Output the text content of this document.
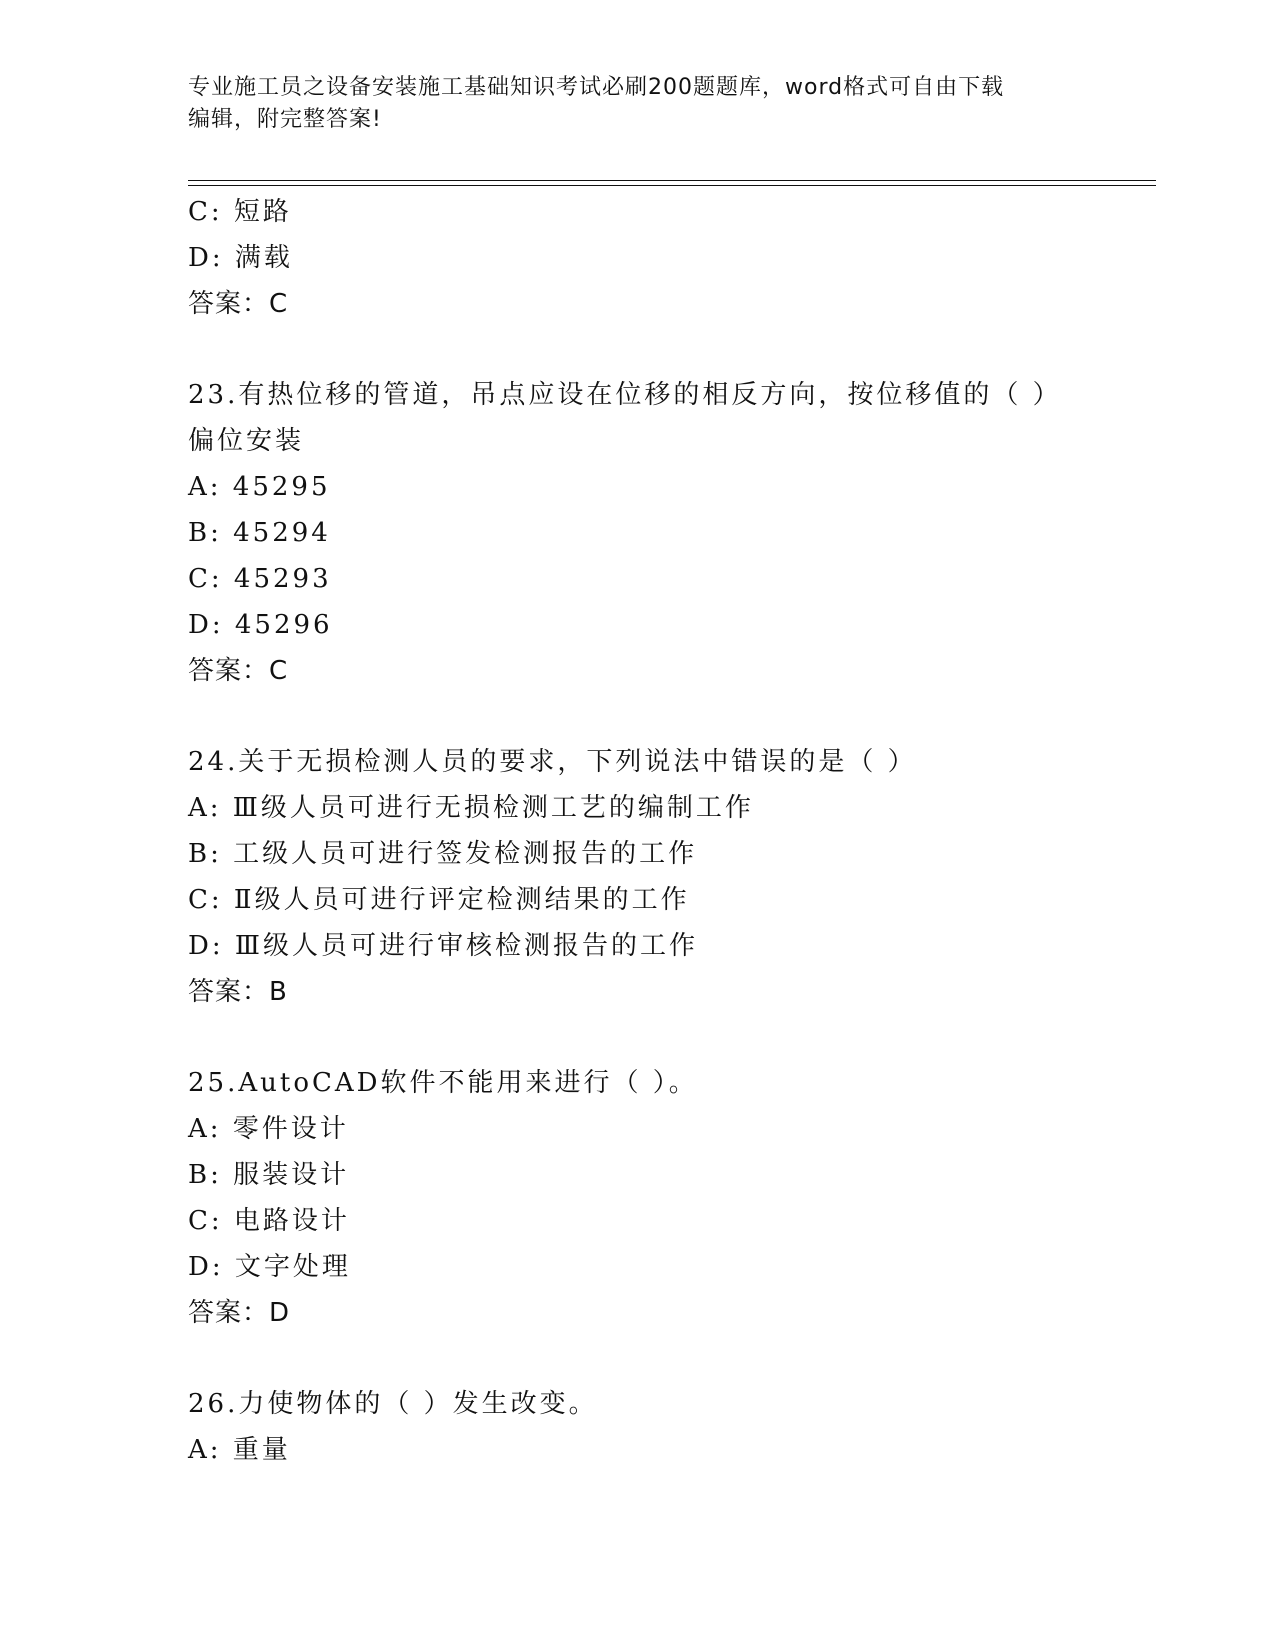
专业施工员之设备安装施工基础知识考试必刷200题题库，word格式可自由下载
编辑，附完整答案!
C: 短路
D: 满载
答案：C
23.有热位移的管道，吊点应设在位移的相反方向，按位移值的（ ）
偏位安装
A: 45295
B: 45294
C: 45293
D: 45296
答案：C
24.关于无损检测人员的要求，下列说法中错误的是（ ）
A: Ⅲ级人员可进行无损检测工艺的编制工作
B: 工级人员可进行签发检测报告的工作
C: Ⅱ级人员可进行评定检测结果的工作
D: Ⅲ级人员可进行审核检测报告的工作
答案：B
25.AutoCAD软件不能用来进行（ ）。
A: 零件设计
B: 服装设计
C: 电路设计
D: 文字处理
答案：D
26.力使物体的（ ）发生改变。
A: 重量
